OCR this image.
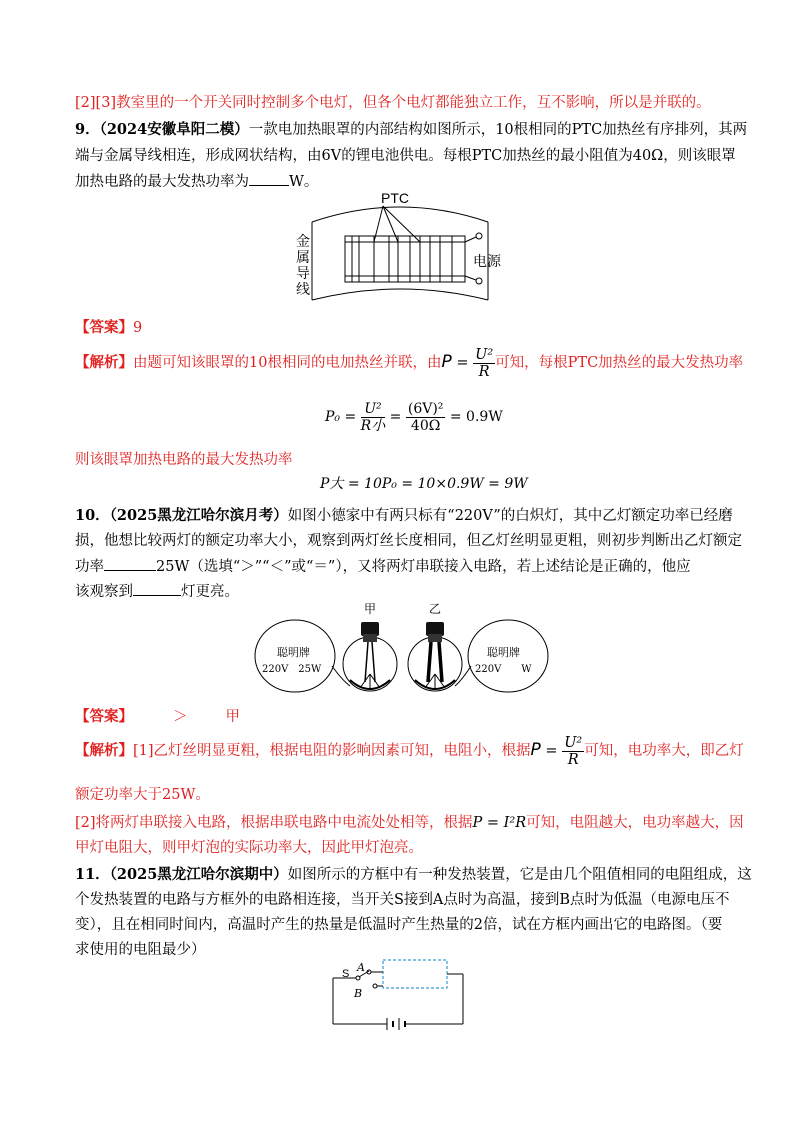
[2][3]教室里的一个开关同时控制多个电灯，但各个电灯都能独立工作，互不影响，所以是并联的。
9．（2024安徽阜阳二模）一款电加热眼罩的内部结构如图所示，10根相同的PTC加热丝有序排列，其两
端与金属导线相连，形成网状结构，由6V的锂电池供电。每根PTC加热丝的最小阻值为40Ω，则该眼罩
加热电路的最大发热功率为	W。
PTC
金
属
导
线
电源
【答案】9
【解析】由题可知该眼罩的10根相同的电加热丝并联，由$P = \frac{\text{U²}}{R}$ 可知，每根PTC加热丝的最大发热功率
$P_0 = \frac{\text{U²}}{\text{R小}} = \frac{\text{(6V)²}}{40\Omega} = 0.9W$
则该眼罩加热电路的最大发热功率
P大 = 10P₀ = 10×0.9W = 9W
10．（2025黑龙江哈尔滨月考）如图小德家中有两只标有“220V”的白炽灯，其中乙灯额定功率已经磨
损，他想比较两灯的额定功率大小，观察到两灯丝长度相同，但乙灯丝明显更粗，则初步判断出乙灯额定
功率	25W（选填“＞”“＜”或“＝”），又将两灯串联接入电路，若上述结论是正确的，他应
该观察到	灯更亮。
甲	乙
聪明牌
220V　25W
聪明牌
220V　　W
【答案】	＞	甲
【解析】[1]乙灯丝明显更粗，根据电阻的影响因素可知，电阻小，根据$P = \frac{\text{U²}}{R}$ 可知，电功率大，即乙灯
额定功率大于25W。
[2]将两灯串联接入电路，根据串联电路中电流处处相等，根据P = I²R可知，电阻越大，电功率越大，因
甲灯电阻大，则甲灯泡的实际功率大，因此甲灯泡亮。
11．（2025黑龙江哈尔滨期中）如图所示的方框中有一种发热装置，它是由几个阻值相同的电阻组成，这
个发热装置的电路与方框外的电路相连接，当开关S接到A点时为高温，接到B点时为低温（电源电压不
变），且在相同时间内，高温时产生的热量是低温时产生热量的2倍，试在方框内画出它的电路图。（要
求使用的电阻最少）
S A
B
